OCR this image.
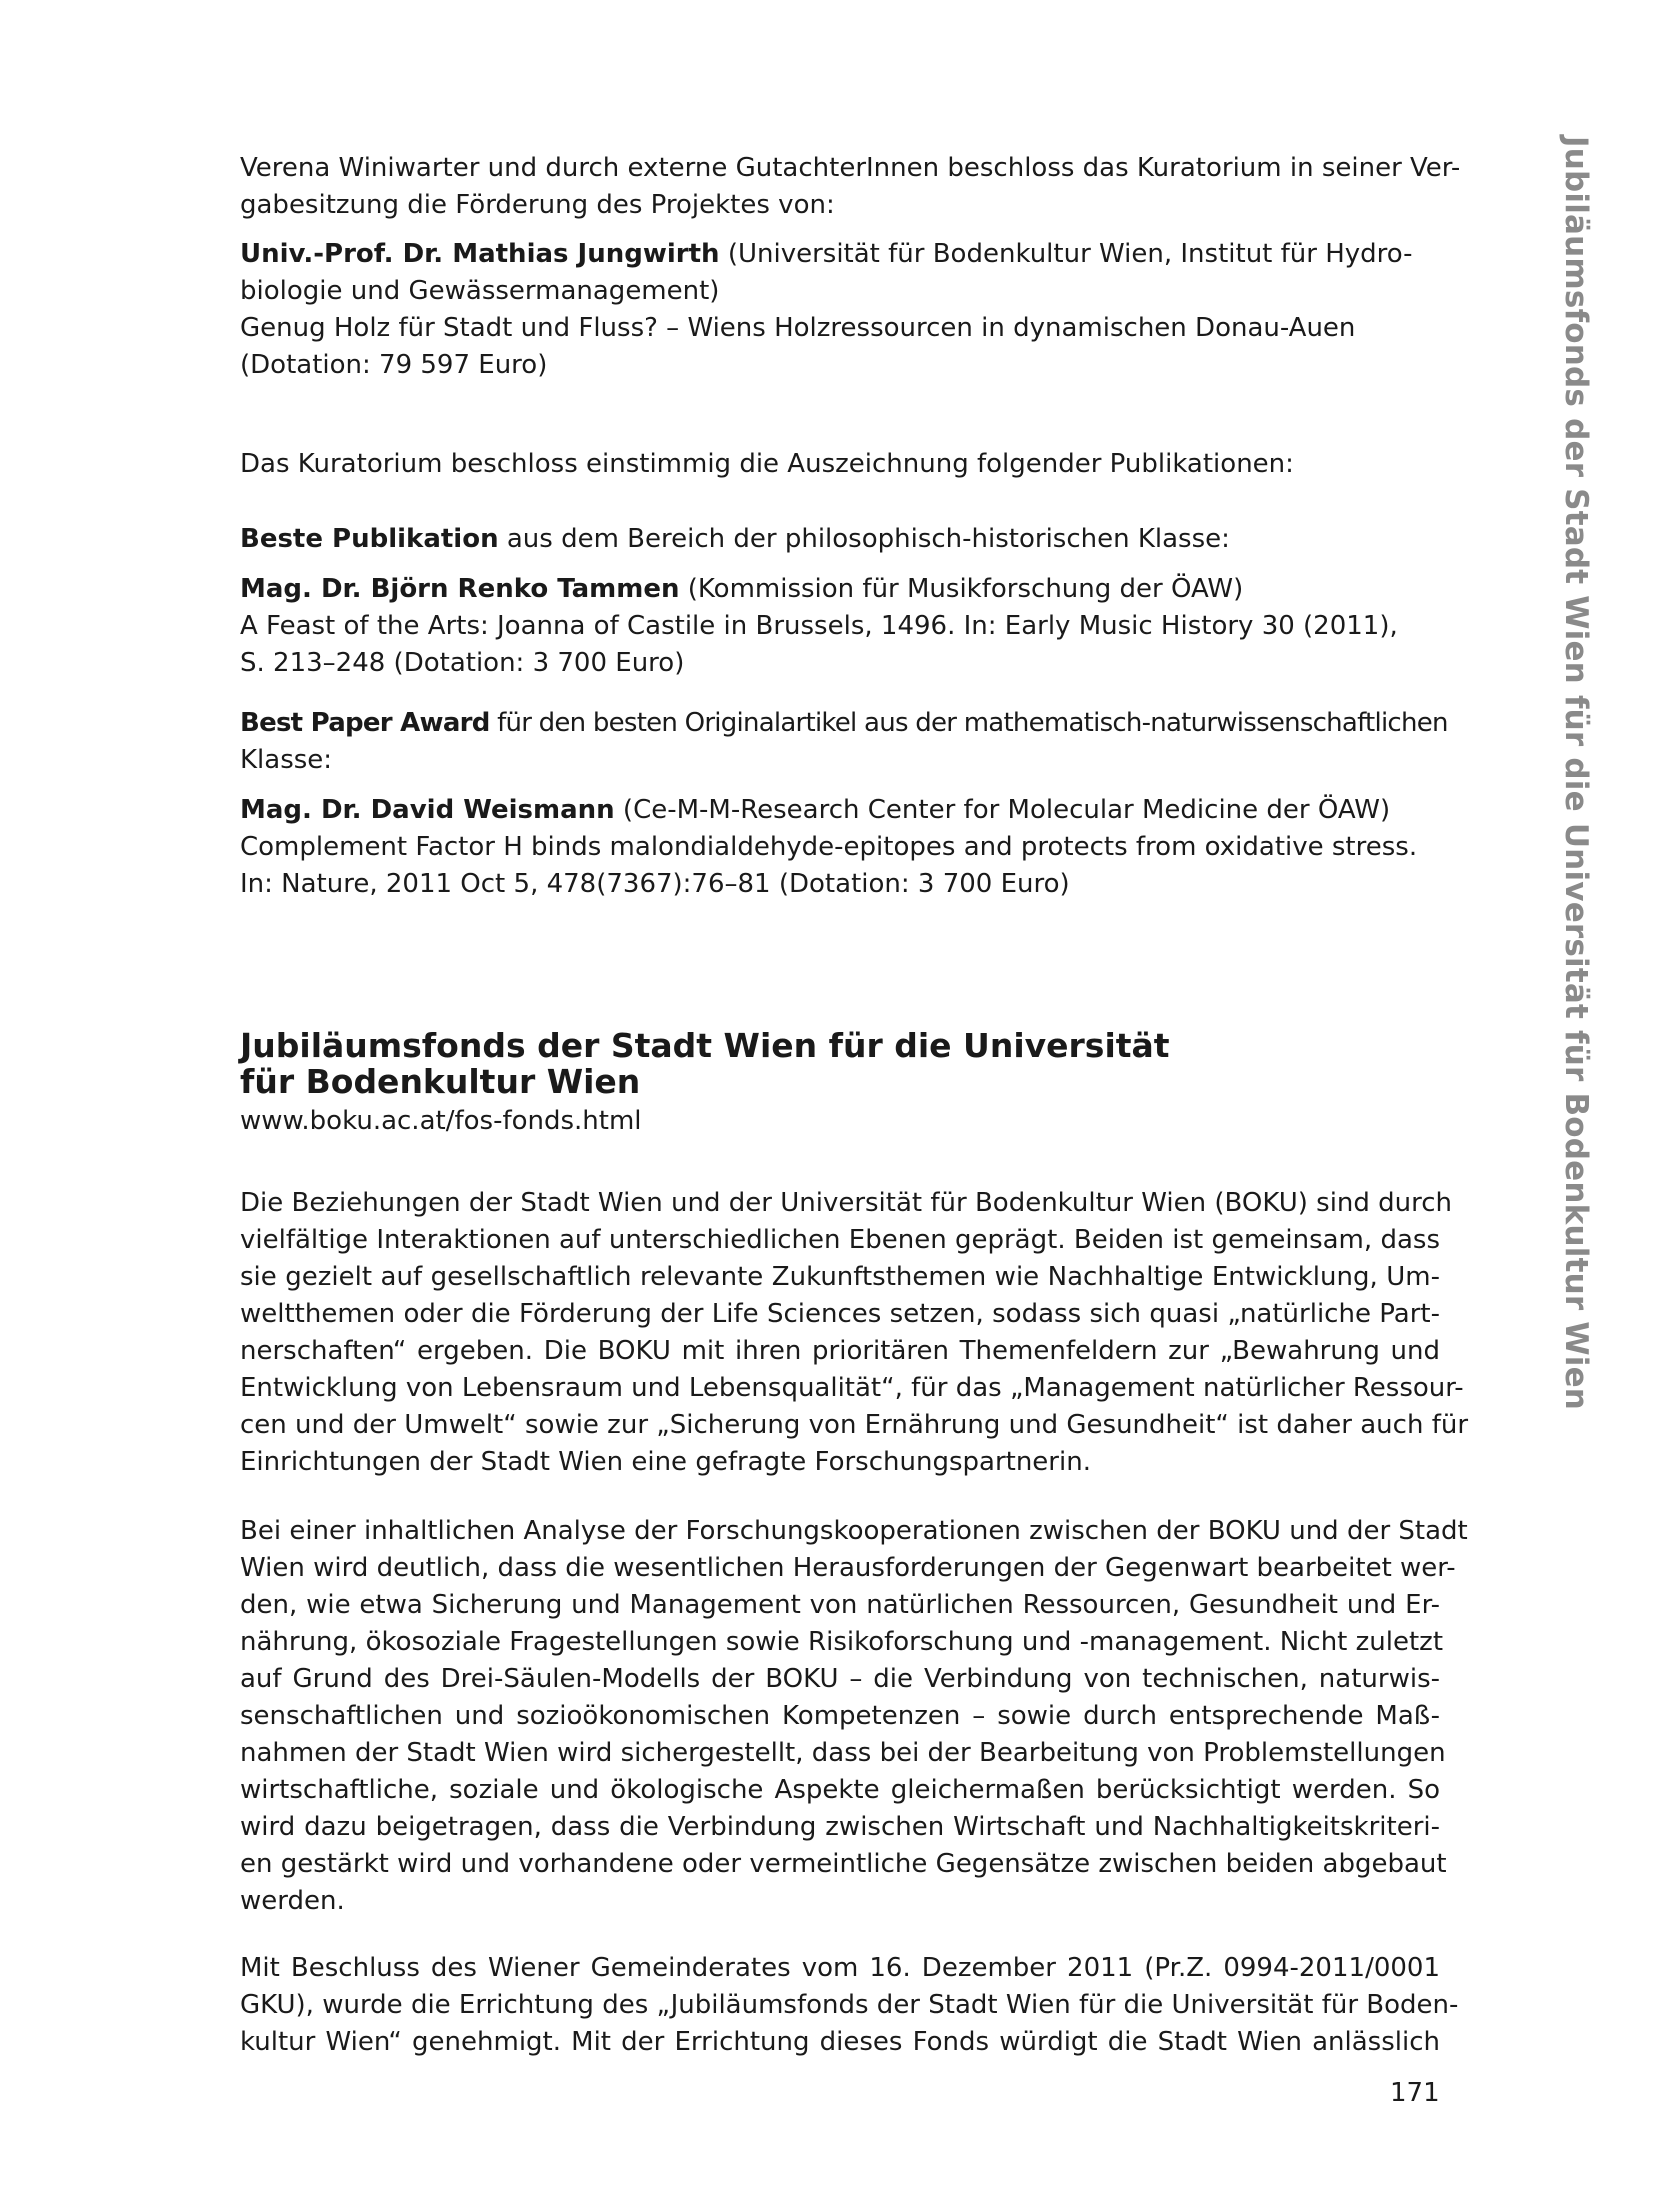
Jubiläumsfonds der Stadt Wien für die Universität für Bodenkultur Wien

Verena Winiwarter und durch externe GutachterInnen beschloss das Kuratorium in seiner Ver-
gabesitzung die Förderung des Projektes von:

Univ.-Prof. Dr. Mathias Jungwirth (Universität für Bodenkultur Wien, Institut für Hydro-
biologie und Gewässermanagement)
Genug Holz für Stadt und Fluss? – Wiens Holzressourcen in dynamischen Donau-Auen
(Dotation: 79 597 Euro)

Das Kuratorium beschloss einstimmig die Auszeichnung folgender Publikationen:

Beste Publikation aus dem Bereich der philosophisch-historischen Klasse:

Mag. Dr. Björn Renko Tammen (Kommission für Musikforschung der ÖAW)
A Feast of the Arts: Joanna of Castile in Brussels, 1496. In: Early Music History 30 (2011),
S. 213–248 (Dotation: 3 700 Euro)

Best Paper Award für den besten Originalartikel aus der mathematisch-naturwissenschaftlichen
Klasse:

Mag. Dr. David Weismann (Ce-M-M-Research Center for Molecular Medicine der ÖAW)
Complement Factor H binds malondialdehyde-epitopes and protects from oxidative stress.
In: Nature, 2011 Oct 5, 478(7367):76–81 (Dotation: 3 700 Euro)

Jubiläumsfonds der Stadt Wien für die Universität
für Bodenkultur Wien
www.boku.ac.at/fos-fonds.html

Die Beziehungen der Stadt Wien und der Universität für Bodenkultur Wien (BOKU) sind durch
vielfältige Interaktionen auf unterschiedlichen Ebenen geprägt. Beiden ist gemeinsam, dass
sie gezielt auf gesellschaftlich relevante Zukunftsthemen wie Nachhaltige Entwicklung, Um-
weltthemen oder die Förderung der Life Sciences setzen, sodass sich quasi „natürliche Part-
nerschaften“ ergeben. Die BOKU mit ihren prioritären Themenfeldern zur „Bewahrung und
Entwicklung von Lebensraum und Lebensqualität“, für das „Management natürlicher Ressour-
cen und der Umwelt“ sowie zur „Sicherung von Ernährung und Gesundheit“ ist daher auch für
Einrichtungen der Stadt Wien eine gefragte Forschungspartnerin.

Bei einer inhaltlichen Analyse der Forschungskooperationen zwischen der BOKU und der Stadt
Wien wird deutlich, dass die wesentlichen Herausforderungen der Gegenwart bearbeitet wer-
den, wie etwa Sicherung und Management von natürlichen Ressourcen, Gesundheit und Er-
nährung, ökosoziale Fragestellungen sowie Risikoforschung und -management. Nicht zuletzt
auf Grund des Drei-Säulen-Modells der BOKU – die Verbindung von technischen, naturwis-
senschaftlichen und sozioökonomischen Kompetenzen – sowie durch entsprechende Maß-
nahmen der Stadt Wien wird sichergestellt, dass bei der Bearbeitung von Problemstellungen
wirtschaftliche, soziale und ökologische Aspekte gleichermaßen berücksichtigt werden. So
wird dazu beigetragen, dass die Verbindung zwischen Wirtschaft und Nachhaltigkeitskriteri-
en gestärkt wird und vorhandene oder vermeintliche Gegensätze zwischen beiden abgebaut
werden.

Mit Beschluss des Wiener Gemeinderates vom 16. Dezember 2011 (Pr.Z. 0994-2011/0001
GKU), wurde die Errichtung des „Jubiläumsfonds der Stadt Wien für die Universität für Boden-
kultur Wien“ genehmigt. Mit der Errichtung dieses Fonds würdigt die Stadt Wien anlässlich

171
